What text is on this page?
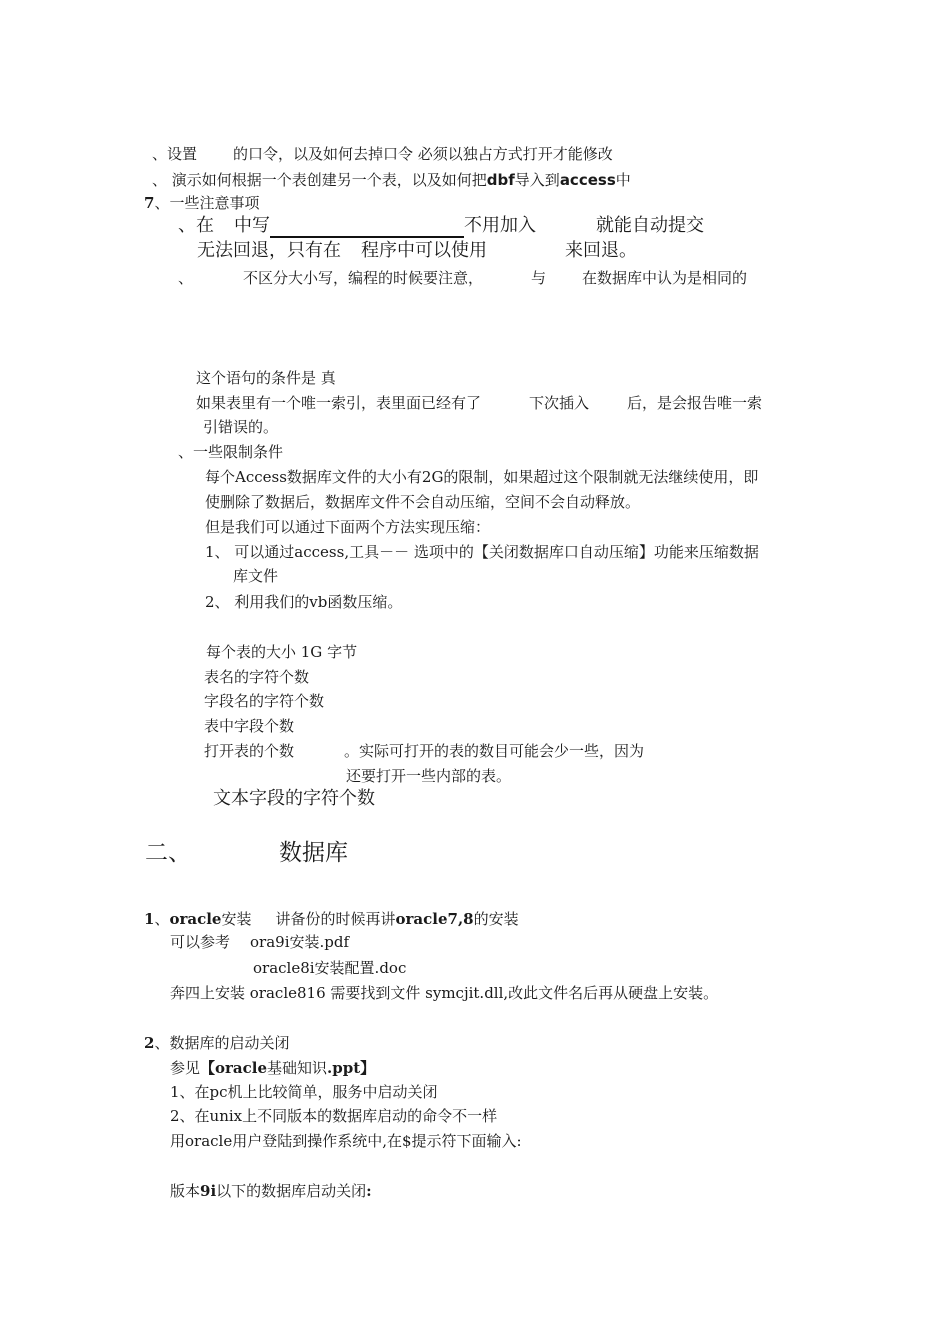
、设置 的口令，以及如何去掉口令 必须以独占方式打开才能修改
、 演示如何根据一个表创建另一个表，以及如何把dbf导入到access中
7、一些注意事项
、在 中写	不用加入	就能自动提交
无法回退，只有在 程序中可以使用	来回退。
、	不区分大小写，编程的时候要注意，	与 在数据库中认为是相同的
这个语句的条件是 真
如果表里有一个唯一索引，表里面已经有了	下次插入	后，是会报告唯一索
引错误的。
、一些限制条件
每个Access数据库文件的大小有2G的限制，如果超过这个限制就无法继续使用，即
使删除了数据后，数据库文件不会自动压缩，空间不会自动释放。
但是我们可以通过下面两个方法实现压缩：
1、 可以通过access,工具－－ 选项中的【关闭数据库口自动压缩】功能来压缩数据
库文件
2、 利用我们的vb函数压缩。
每个表的大小 1G 字节
表名的字符个数
字段名的字符个数
表中字段个数
打开表的个数	。实际可打开的表的数目可能会少一些，因为
还要打开一些内部的表。
文本字段的字符个数
二、	数据库
1、oracle安装 讲备份的时候再讲oracle7,8的安装
可以参考 ora9i安装.pdf
oracle8i安装配置.doc
奔四上安装 oracle816 需要找到文件 symcjit.dll,改此文件名后再从硬盘上安装。
2、数据库的启动关闭
参见【oracle基础知识.ppt】
1、在pc机上比较简单，服务中启动关闭
2、在unix上不同版本的数据库启动的命令不一样
用oracle用户登陆到操作系统中,在$提示符下面输入:
版本9i以下的数据库启动关闭:
